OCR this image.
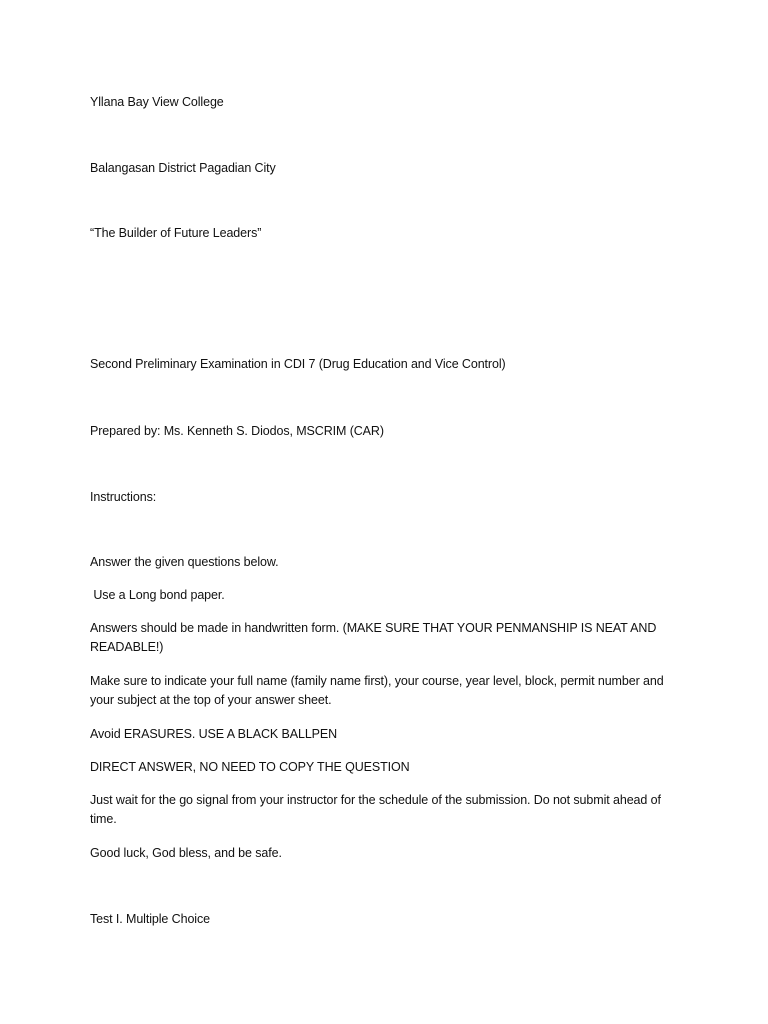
Yllana Bay View College
Balangasan District Pagadian City
“The Builder of Future Leaders”
Second Preliminary Examination in CDI 7 (Drug Education and Vice Control)
Prepared by: Ms. Kenneth S. Diodos, MSCRIM (CAR)
Instructions:
Answer the given questions below.
Use a Long bond paper.
Answers should be made in handwritten form. (MAKE SURE THAT YOUR PENMANSHIP IS NEAT AND READABLE!)
Make sure to indicate your full name (family name first), your course, year level, block, permit number and your subject at the top of your answer sheet.
Avoid ERASURES. USE A BLACK BALLPEN
DIRECT ANSWER, NO NEED TO COPY THE QUESTION
Just wait for the go signal from your instructor for the schedule of the submission. Do not submit ahead of time.
Good luck, God bless, and be safe.
Test I. Multiple Choice
